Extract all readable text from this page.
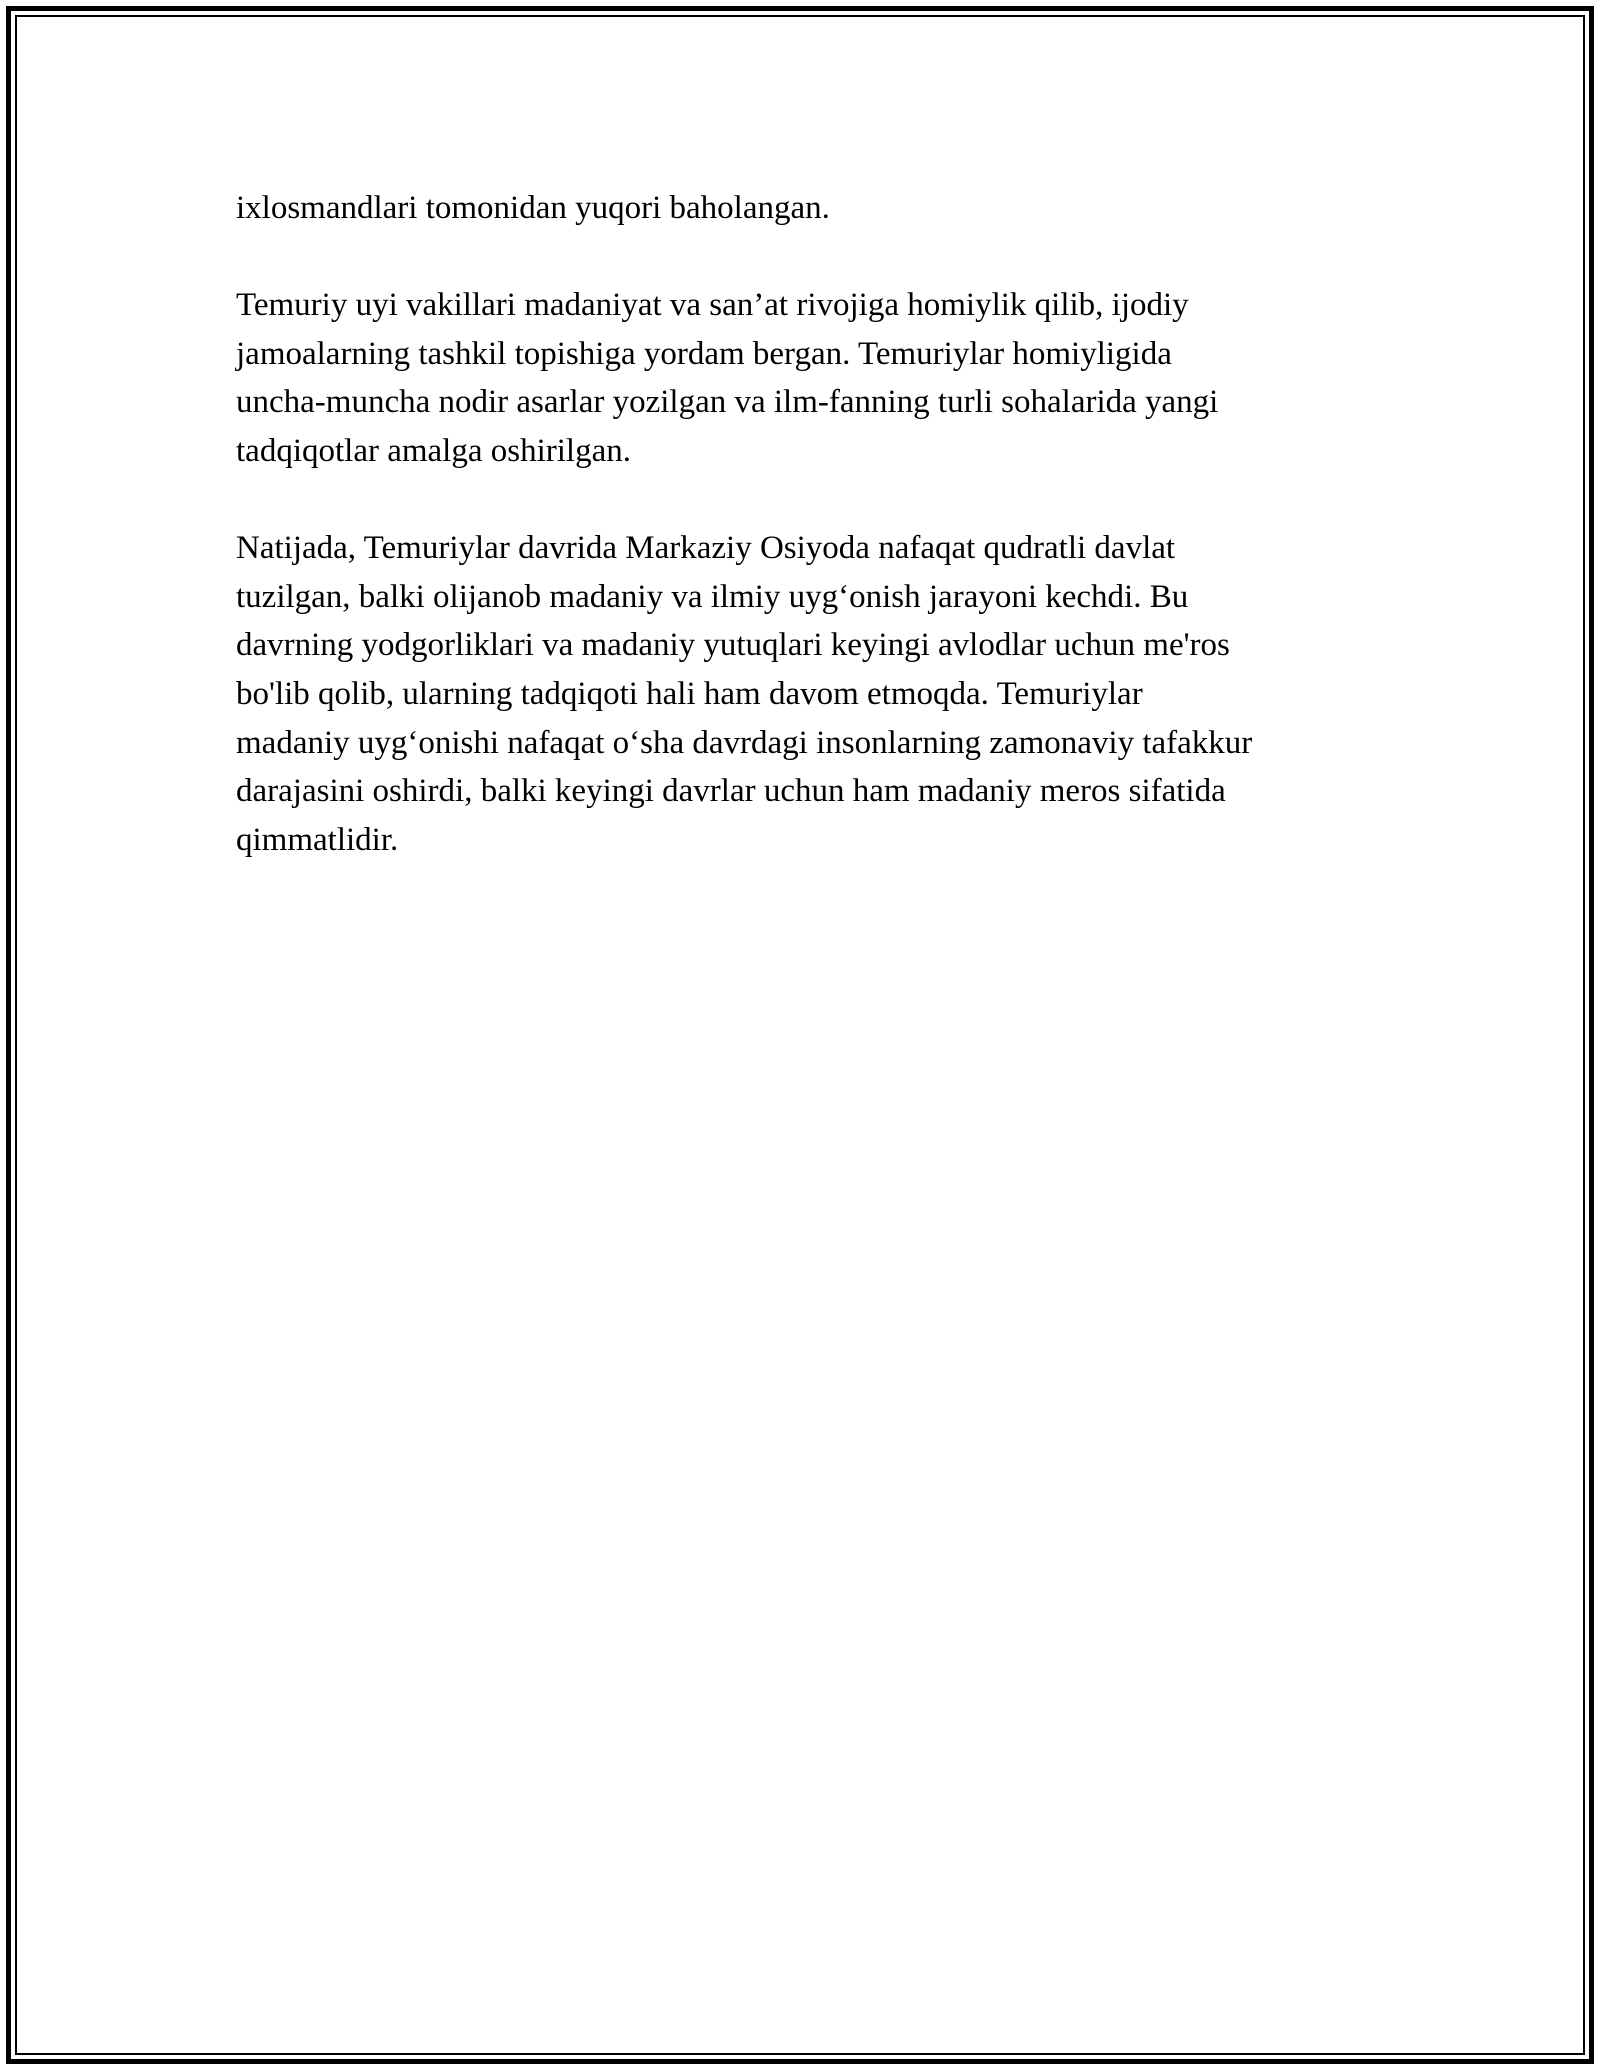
ixlosmandlari tomonidan yuqori baholangan.

Temuriy uyi vakillari madaniyat va san’at rivojiga homiylik qilib, ijodiy
jamoalarning tashkil topishiga yordam bergan. Temuriylar homiyligida
uncha-muncha nodir asarlar yozilgan va ilm-fanning turli sohalarida yangi
tadqiqotlar amalga oshirilgan.

Natijada, Temuriylar davrida Markaziy Osiyoda nafaqat qudratli davlat
tuzilgan, balki olijanob madaniy va ilmiy uyg‘onish jarayoni kechdi. Bu
davrning yodgorliklari va madaniy yutuqlari keyingi avlodlar uchun me'ros
bo'lib qolib, ularning tadqiqoti hali ham davom etmoqda. Temuriylar
madaniy uyg‘onishi nafaqat o‘sha davrdagi insonlarning zamonaviy tafakkur
darajasini oshirdi, balki keyingi davrlar uchun ham madaniy meros sifatida
qimmatlidir.
